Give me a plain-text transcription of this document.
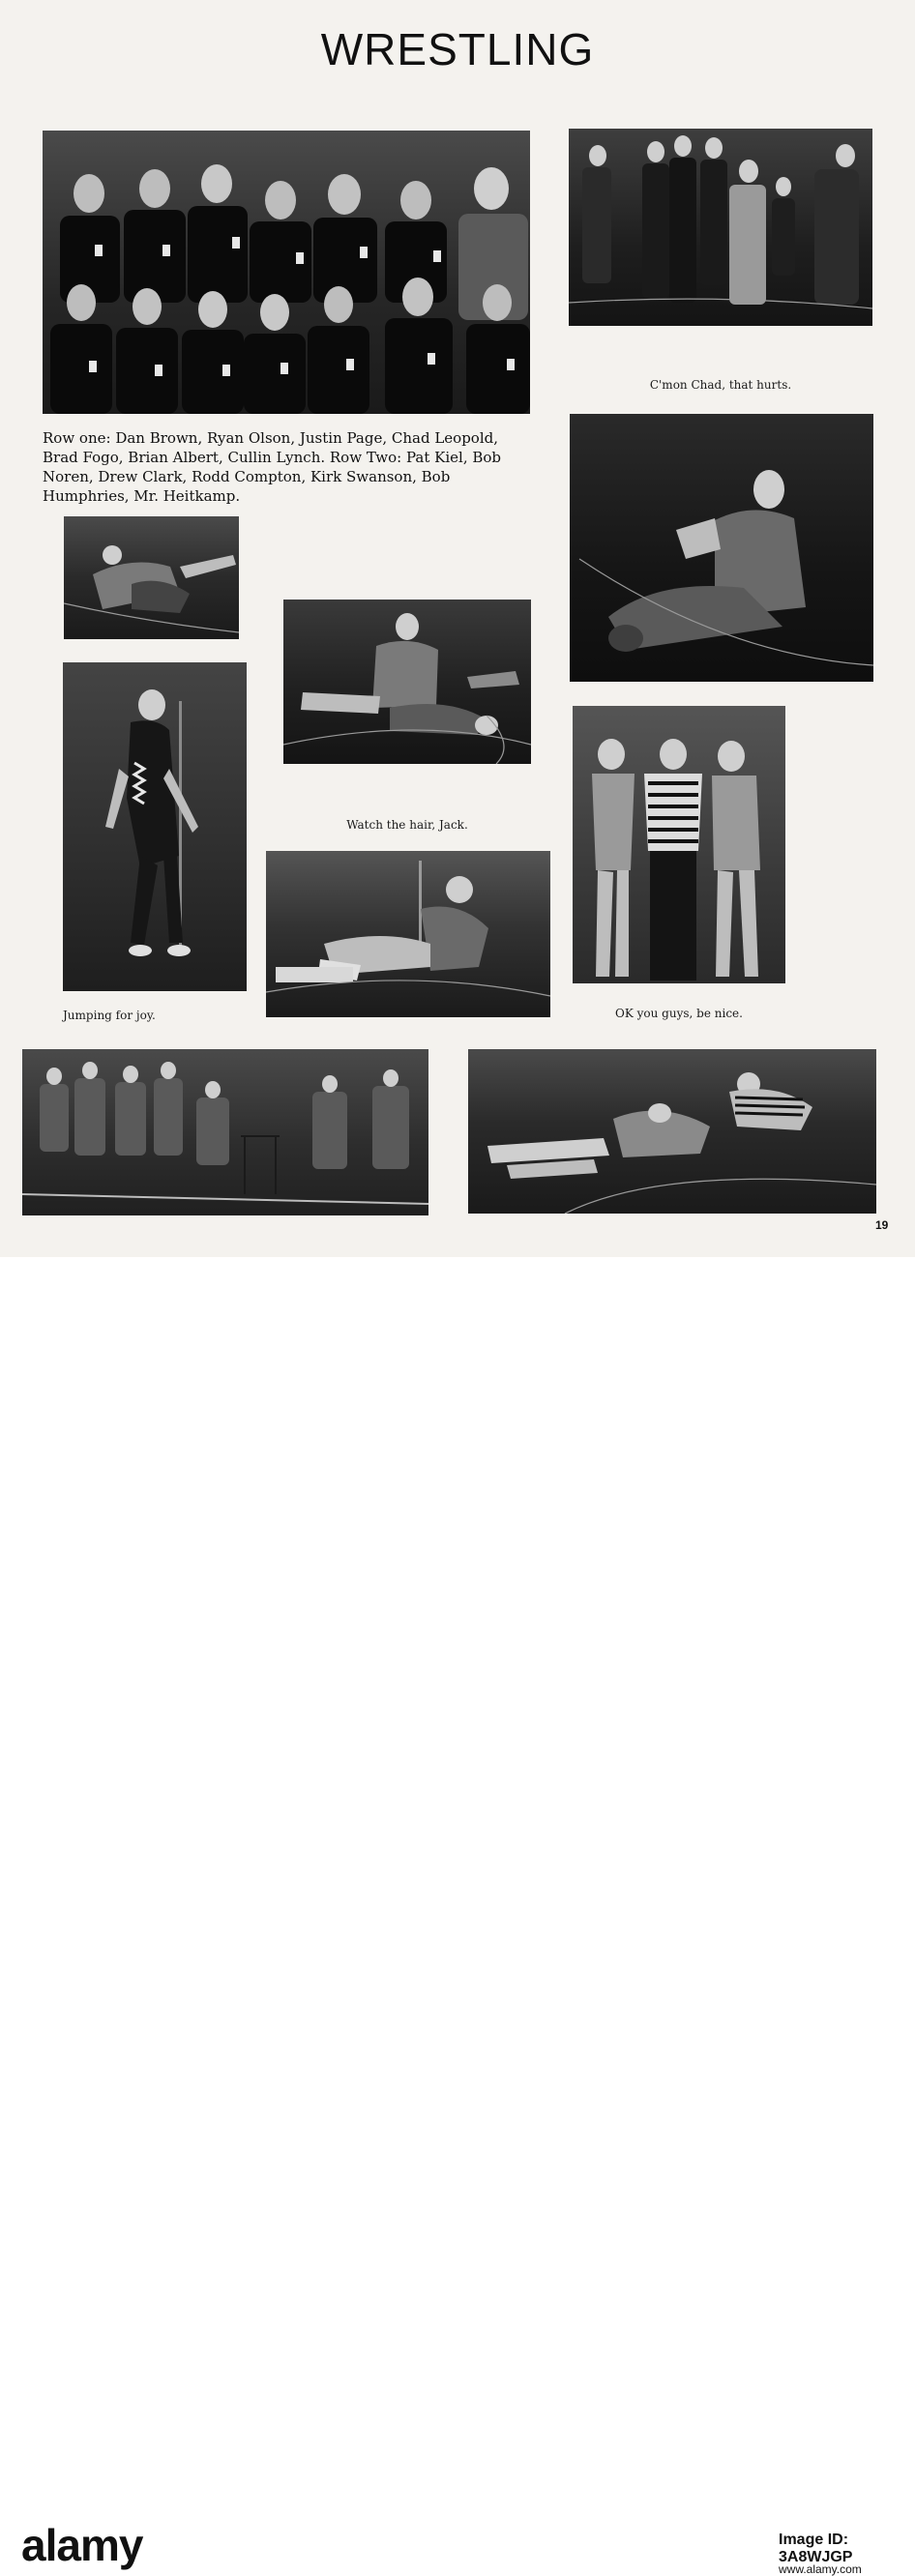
WRESTLING
Row one: Dan Brown, Ryan Olson, Justin Page, Chad Leopold, Brad Fogo, Brian Albert, Cullin Lynch. Row Two: Pat Kiel, Bob Noren, Drew Clark, Rodd Compton, Kirk Swanson, Bob Humphries, Mr. Heitkamp.
C'mon Chad, that hurts.
Watch the hair, Jack.
Jumping for joy.	OK you guys, be nice.
19
alamy	Image ID: 3A8WJGP
www.alamy.com
